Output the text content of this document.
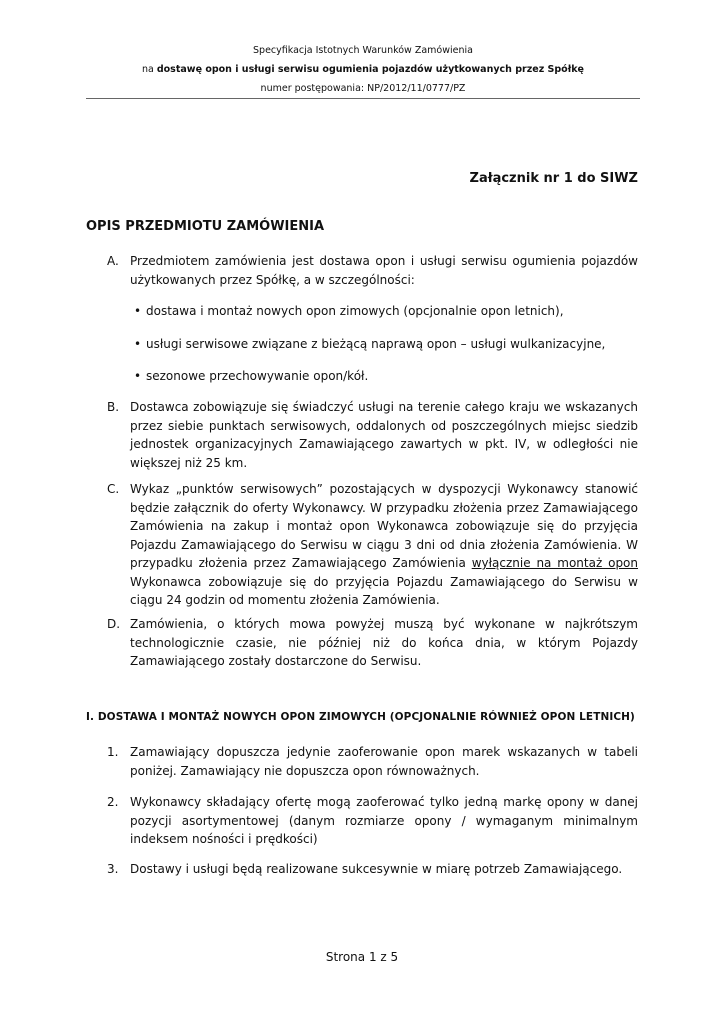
Specyfikacja Istotnych Warunków Zamówienia
na dostawę opon i usługi serwisu ogumienia pojazdów użytkowanych przez Spółkę
numer postępowania: NP/2012/11/0777/PZ
Załącznik nr 1 do SIWZ
OPIS PRZEDMIOTU ZAMÓWIENIA
A. Przedmiotem zamówienia jest dostawa opon i usługi serwisu ogumienia pojazdów użytkowanych przez Spółkę, a w szczególności:
• dostawa i montaż nowych opon zimowych (opcjonalnie opon letnich),
• usługi serwisowe związane z bieżącą naprawą opon – usługi wulkanizacyjne,
• sezonowe przechowywanie opon/kół.
B. Dostawca zobowiązuje się świadczyć usługi na terenie całego kraju we wskazanych przez siebie punktach serwisowych, oddalonych od poszczególnych miejsc siedzib jednostek organizacyjnych Zamawiającego zawartych w pkt. IV, w odległości nie większej niż 25 km.
C. Wykaz „punktów serwisowych” pozostających w dyspozycji Wykonawcy stanowić będzie załącznik do oferty Wykonawcy. W przypadku złożenia przez Zamawiającego Zamówienia na zakup i montaż opon Wykonawca zobowiązuje się do przyjęcia Pojazdu Zamawiającego do Serwisu w ciągu 3 dni od dnia złożenia Zamówienia. W przypadku złożenia przez Zamawiającego Zamówienia wyłącznie na montaż opon Wykonawca zobowiązuje się do przyjęcia Pojazdu Zamawiającego do Serwisu w ciągu 24 godzin od momentu złożenia Zamówienia.
D. Zamówienia, o których mowa powyżej muszą być wykonane w najkrótszym technologicznie czasie, nie później niż do końca dnia, w którym Pojazdy Zamawiającego zostały dostarczone do Serwisu.
I. DOSTAWA I MONTAŻ NOWYCH OPON ZIMOWYCH (OPCJONALNIE RÓWNIEŻ OPON LETNICH)
1. Zamawiający dopuszcza jedynie zaoferowanie opon marek wskazanych w tabeli poniżej. Zamawiający nie dopuszcza opon równoważnych.
2. Wykonawcy składający ofertę mogą zaoferować tylko jedną markę opony w danej pozycji asortymentowej (danym rozmiarze opony / wymaganym minimalnym indeksem nośności i prędkości)
3. Dostawy i usługi będą realizowane sukcesywnie w miarę potrzeb Zamawiającego.
Strona 1 z 5
